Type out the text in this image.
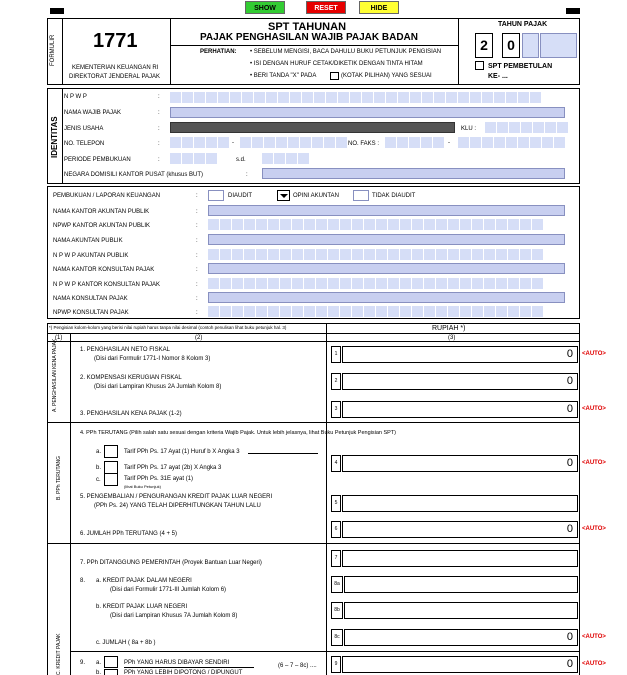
SHOW	RESET	HIDE
FORMULIR 1771
KEMENTERIAN KEUANGAN RI
DIREKTORAT JENDERAL PAJAK
SPT TAHUNAN
PAJAK PENGHASILAN WAJIB PAJAK BADAN
PERHATIAN: • SEBELUM MENGISI, BACA DAHULU BUKU PETUNJUK PENGISIAN
• ISI DENGAN HURUF CETAK/DIKETIK DENGAN TINTA HITAM
• BERI TANDA "X" PADA	(KOTAK PILIHAN) YANG SESUAI
TAHUN PAJAK
2	0
SPT PEMBETULAN
KE- ...
IDENTITAS
N P W P	:
NAMA WAJIB PAJAK	:
JENIS USAHA	:	KLU :
NO. TELEPON	:	-	NO. FAKS :	-
PERIODE PEMBUKUAN	:	s.d.
NEGARA DOMISILI KANTOR PUSAT (khusus BUT)	:
PEMBUKUAN / LAPORAN KEUANGAN	:	DIAUDIT	OPINI AKUNTAN	TIDAK DIAUDIT
NAMA KANTOR AKUNTAN PUBLIK	:
NPWP KANTOR AKUNTAN PUBLIK	:
NAMA AKUNTAN PUBLIK	:
N P W P AKUNTAN PUBLIK	:
NAMA KANTOR KONSULTAN PAJAK	:
N P W P KANTOR KONSULTAN PAJAK	:
NAMA KONSULTAN PAJAK	:
NPWP KONSULTAN PAJAK	:
*) Pengisian kolom-kolom yang berisi nilai rupiah harus tanpa nilai desimal (contoh penulisan lihat buku petunjuk hal. 3)	RUPIAH *)
(1)	(2)	(3)
A. PENGHASILAN KENA PAJAK	1. PENGHASILAN NETO FISKAL
(Disi dari Formulir 1771-I Nomor 8 Kolom 3)
1	0	<AUTO>
2. KOMPENSASI KERUGIAN FISKAL
(Disi dari Lampiran Khusus 2A Jumlah Kolom 8)
2	0
3. PENGHASILAN KENA PAJAK (1-2)
3	0	<AUTO>
B. PPh TERUTANG
4. PPh TERUTANG (Pilih salah satu sesuai dengan kriteria Wajib Pajak. Untuk lebih jelasnya, lihat Buku Petunjuk Pengisian SPT)
a.	Tarif PPh Ps. 17 Ayat (1) Huruf b X Angka 3
b.	Tarif PPh Ps. 17 ayat (2b) X Angka 3
c.	Tarif PPh Ps. 31E ayat (1)
(lihat Buku Petunjuk)
4	0	<AUTO>
5. PENGEMBALIAN / PENGURANGAN KREDIT PAJAK LUAR NEGERI
(PPh Ps. 24) YANG TELAH DIPERHITUNGKAN TAHUN LALU	5
6. JUMLAH PPh TERUTANG (4 + 5)
6	0	<AUTO>
C. KREDIT PAJAK
7. PPh DITANGGUNG PEMERINTAH (Proyek Bantuan Luar Negeri)
7
8. a. KREDIT PAJAK DALAM NEGERI
(Disi dari Formulir 1771-III Jumlah Kolom 6)
8a
b. KREDIT PAJAK LUAR NEGERI
(Disi dari Lampiran Khusus 7A Jumlah Kolom 8)
8b
c. JUMLAH ( 8a + 8b )
8c	0	<AUTO>
9. a.	PPh YANG HARUS DIBAYAR SENDIRI	(6 – 7 – 8c) ....	9	0	<AUTO>
b.	PPh YANG LEBIH DIPOTONG / DIPUNGUT
